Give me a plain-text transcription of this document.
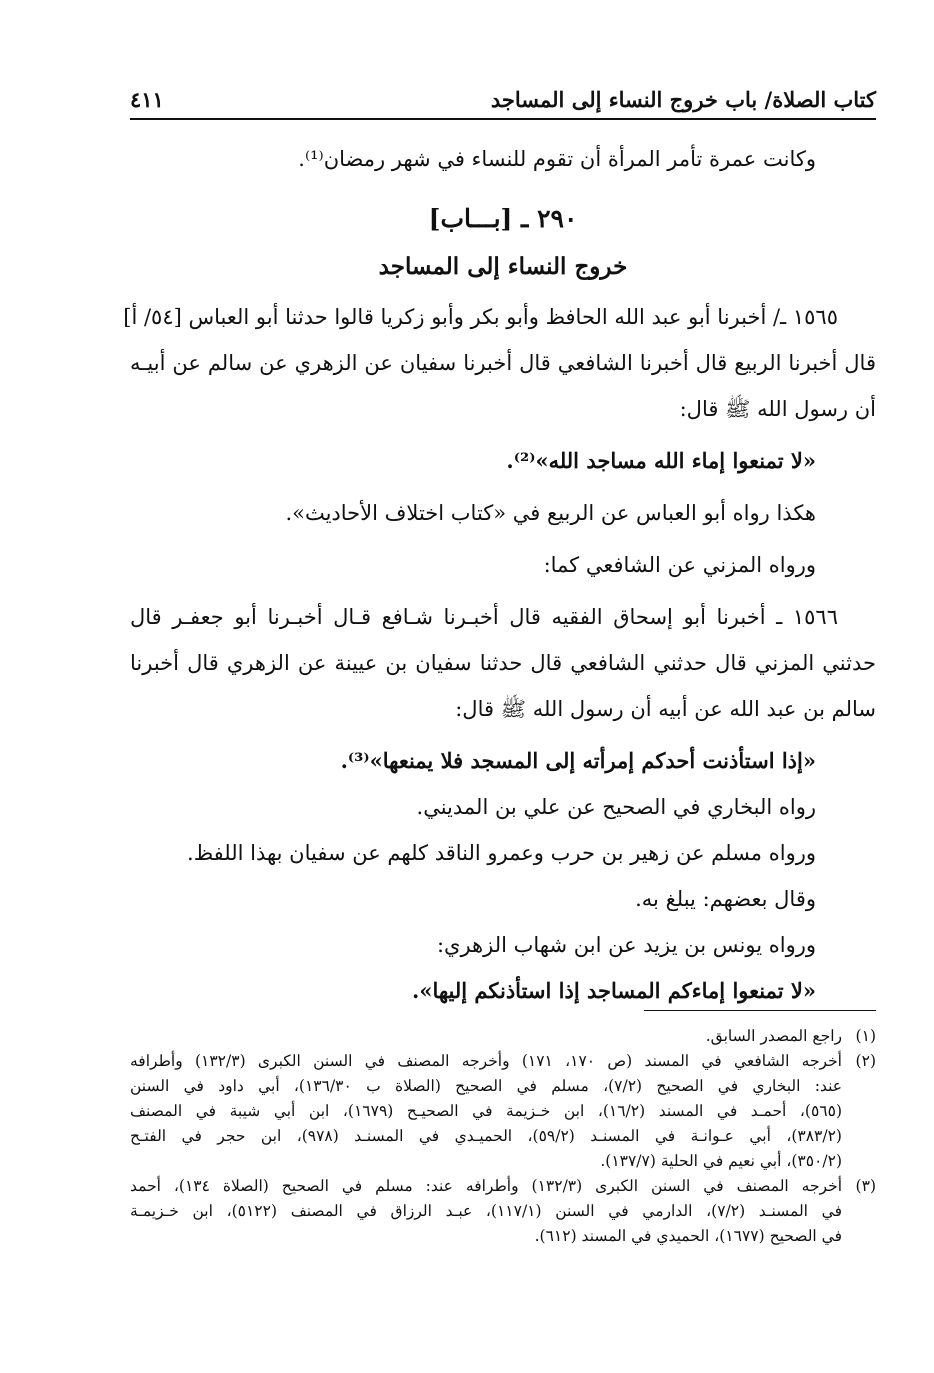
كتاب الصلاة/ باب خروج النساء إلى المساجد
٤١١
وكانت عمرة تأمر المرأة أن تقوم للنساء في شهر رمضان⁽¹⁾.
٢٩٠ ـ [بـــاب]
خروج النساء إلى المساجد
١٥٦٥ ـ/ أخبرنا أبو عبد الله الحافظ وأبو بكر وأبو زكريا قالوا حدثنا أبو العباس [٥٤/ أ]
قال أخبرنا الربيع قال أخبرنا الشافعي قال أخبرنا سفيان عن الزهري عن سالم عن أبيـه
أن رسول الله ﷺ قال:
«لا تمنعوا إماء الله مساجد الله»⁽²⁾.
هكذا رواه أبو العباس عن الربيع في «كتاب اختلاف الأحاديث».
ورواه المزني عن الشافعي كما:
١٥٦٦ ـ أخبرنا أبو إسحاق الفقيه قال أخبـرنا شـافع قـال أخبـرنا أبو جعفـر قال
حدثني المزني قال حدثني الشافعي قال حدثنا سفيان بن عيينة عن الزهري قال أخبرنا
سالم بن عبد الله عن أبيه أن رسول الله ﷺ قال:
«إذا استأذنت أحدكم إمرأته إلى المسجد فلا يمنعها»⁽³⁾.
رواه البخاري في الصحيح عن علي بن المديني.
ورواه مسلم عن زهير بن حرب وعمرو الناقد كلهم عن سفيان بهذا اللفظ.
وقال بعضهم: يبلغ به.
ورواه يونس بن يزيد عن ابن شهاب الزهري:
«لا تمنعوا إماءكم المساجد إذا استأذنكم إليها».
(١)
راجع المصدر السابق.
(٢)
أخرجه الشافعي في المسند (ص ١٧٠، ١٧١) وأخرجه المصنف في السنن الكبرى (١٣٢/٣) وأطرافه
عند: البخاري في الصحيح (٧/٢)، مسلم في الصحيح (الصلاة ب ١٣٦/٣٠)، أبي داود في السنن
(٥٦٥)، أحمـد في المسند (١٦/٢)، ابن خـزيمة في الصحيـح (١٦٧٩)، ابن أبي شيبة في المصنف
(٣٨٣/٢)، أبي عـوانـة في المسنـد (٥٩/٢)، الحميـدي في المسنـد (٩٧٨)، ابن حجر في الفتـح
(٣٥٠/٢)، أبي نعيم في الحلية (١٣٧/٧).
(٣)
أخرجه المصنف في السنن الكبرى (١٣٢/٣) وأطرافه عند: مسلم في الصحيح (الصلاة ١٣٤)، أحمد
في المسنـد (٧/٢)، الدارمي في السنن (١١٧/١)، عبـد الرزاق في المصنف (٥١٢٢)، ابن خـزيمـة
في الصحيح (١٦٧٧)، الحميدي في المسند (٦١٢).
